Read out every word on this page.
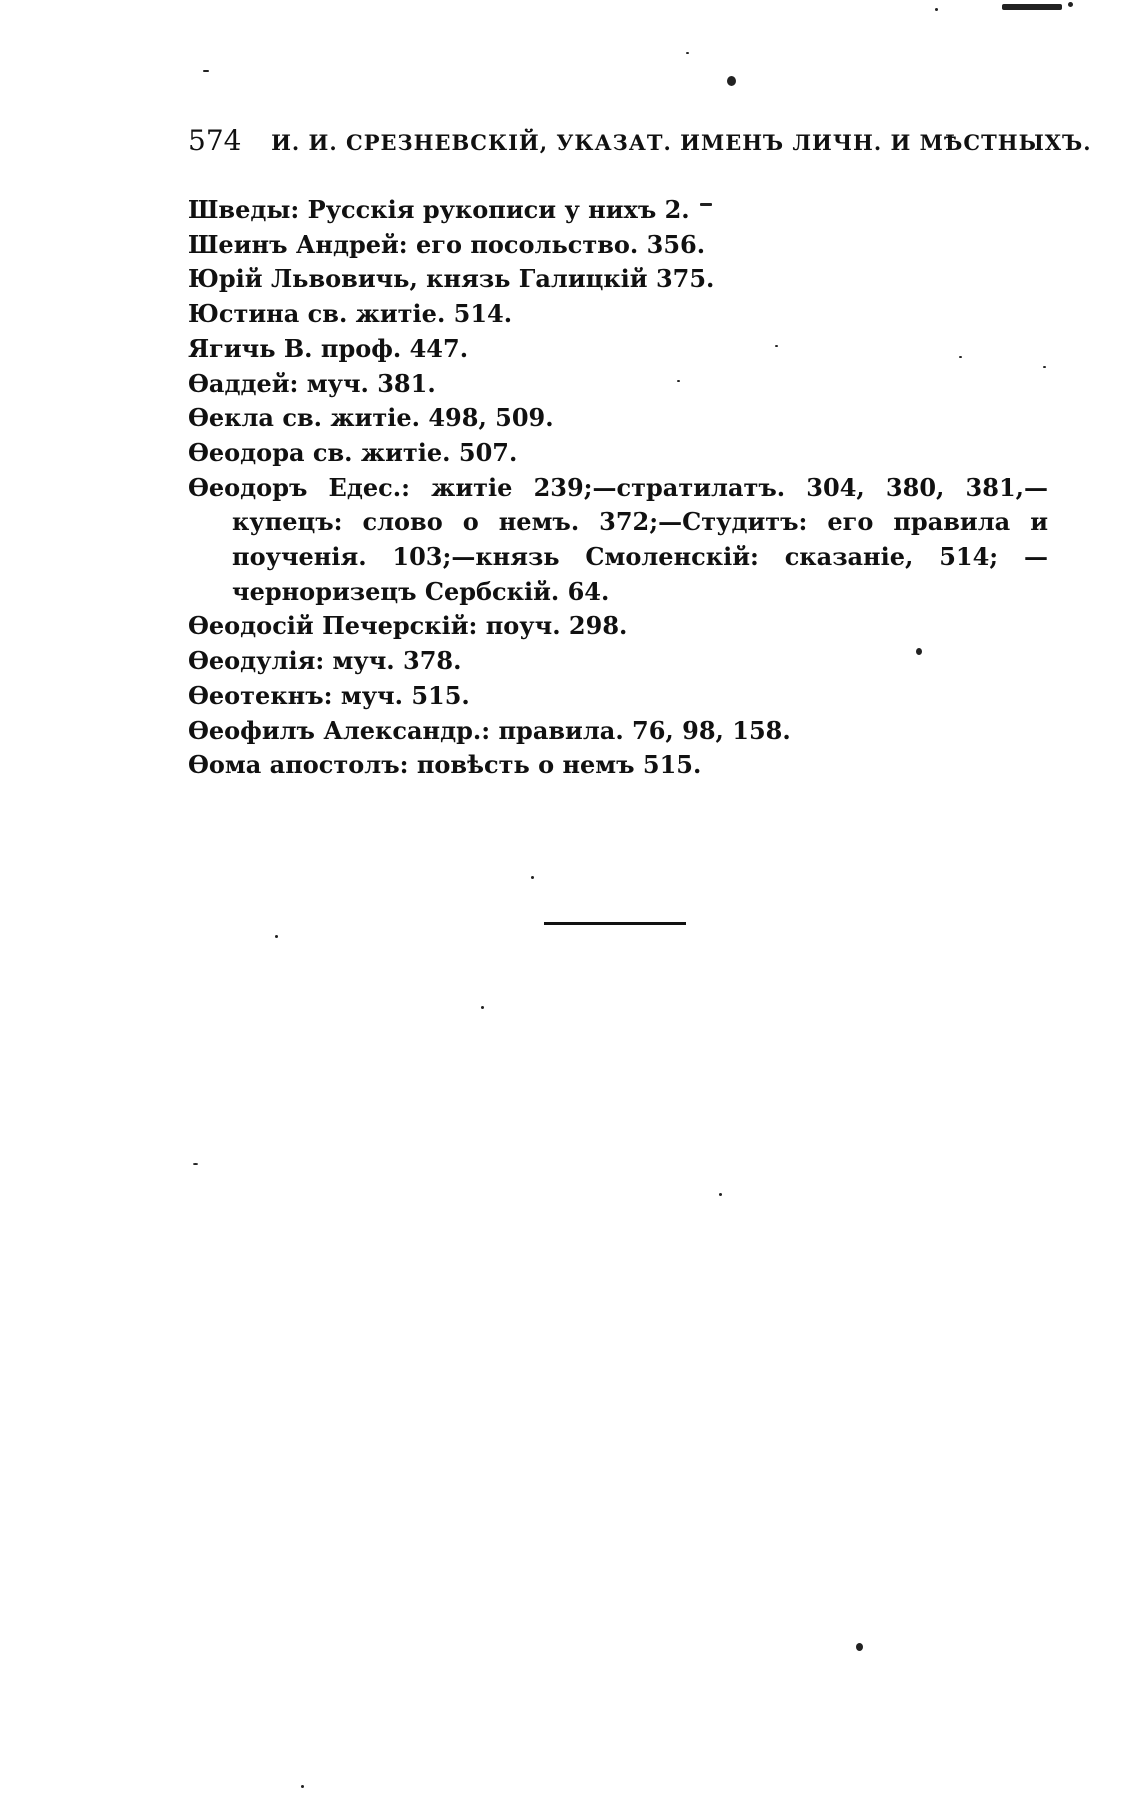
574 И. И. СРЕЗНЕВСКІЙ, УКАЗАТ. ИМЕНЪ ЛИЧН. И МѢСТНЫХЪ.
Шведы: Русскія рукописи у нихъ 2.
Шеинъ Андрей: его посольство. 356.
Юрій Львовичь, князь Галицкій 375.
Юстина св. житіе. 514.
Ягичь В. проф. 447.
Ѳаддей: муч. 381.
Ѳекла св. житіе. 498, 509.
Ѳеодора св. житіе. 507.
Ѳеодоръ Едес.: житіе 239;—стратилатъ. 304, 380, 381,—купецъ: слово о немъ. 372;—Студитъ: его правила и поученія. 103;—князь Смоленскій: сказаніе, 514; — черноризецъ Сербскій. 64.
Ѳеодосій Печерскій: поуч. 298.
Ѳеодулія: муч. 378.
Ѳеотекнъ: муч. 515.
Ѳеофилъ Александр.: правила. 76, 98, 158.
Ѳома апостолъ: повѣсть о немъ 515.
